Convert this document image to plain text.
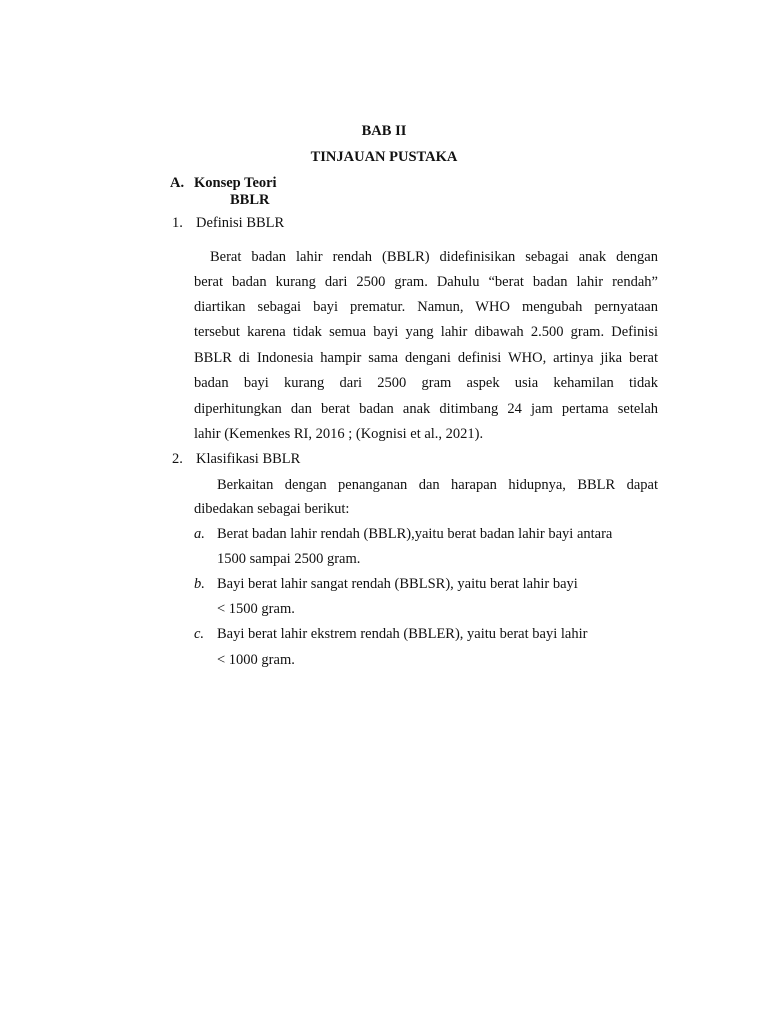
BAB II
TINJAUAN PUSTAKA
A. Konsep Teori
BBLR
1. Definisi BBLR
Berat badan lahir rendah (BBLR) didefinisikan sebagai anak dengan
berat badan kurang dari 2500 gram. Dahulu “berat badan lahir rendah”
diartikan sebagai bayi prematur. Namun, WHO mengubah pernyataan
tersebut karena tidak semua bayi yang lahir dibawah 2.500 gram. Definisi
BBLR di Indonesia hampir sama dengani definisi WHO, artinya jika berat
badan bayi kurang dari 2500 gram aspek usia kehamilan tidak
diperhitungkan dan berat badan anak ditimbang 24 jam pertama setelah
lahir (Kemenkes RI, 2016 ; (Kognisi et al., 2021).
2. Klasifikasi BBLR
Berkaitan dengan penanganan dan harapan hidupnya, BBLR dapat
dibedakan sebagai berikut:
a. Berat badan lahir rendah (BBLR),yaitu berat badan lahir bayi antara
1500 sampai 2500 gram.
b. Bayi berat lahir sangat rendah (BBLSR), yaitu berat lahir bayi
< 1500 gram.
c. Bayi berat lahir ekstrem rendah (BBLER), yaitu berat bayi lahir
< 1000 gram.
